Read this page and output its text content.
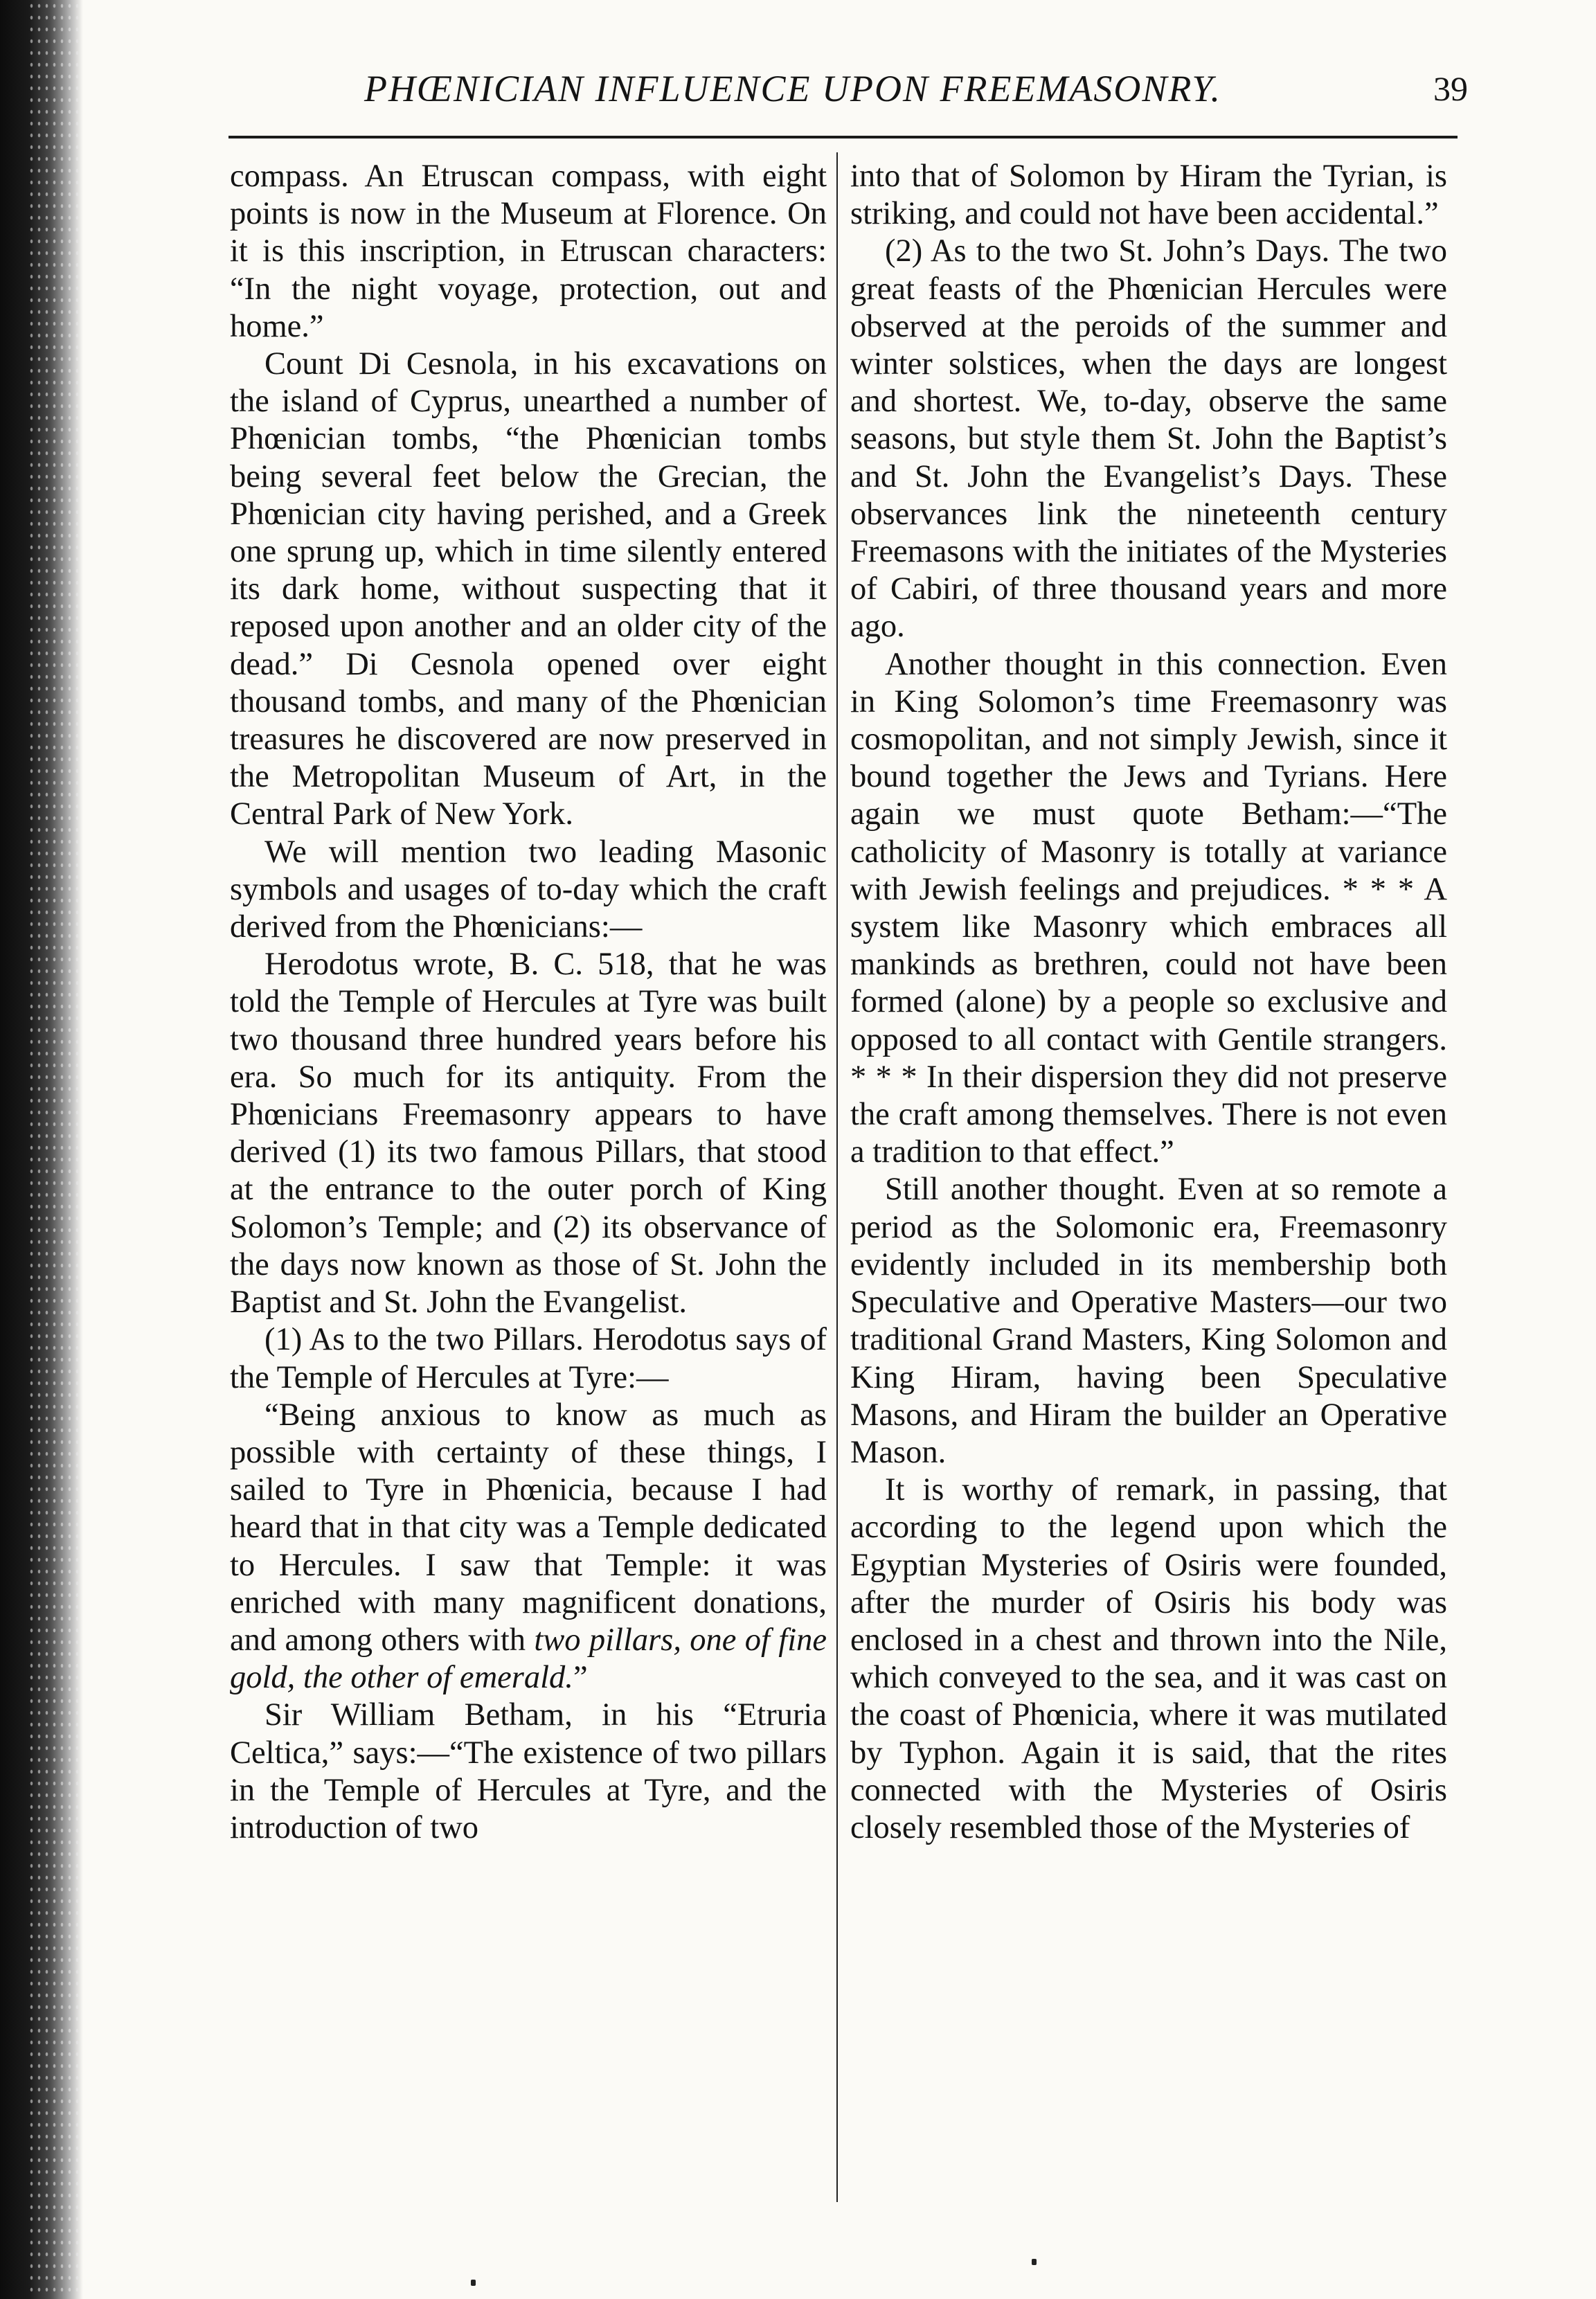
PHŒNICIAN INFLUENCE UPON FREEMASONRY.	39

compass. An Etruscan compass, with eight points is now in the Museum at Florence. On it is this inscription, in Etruscan characters: “In the night voyage, protection, out and home.”

Count Di Cesnola, in his excavations on the island of Cyprus, unearthed a number of Phœnician tombs, “the Phœnician tombs being several feet below the Grecian, the Phœnician city having perished, and a Greek one sprung up, which in time silently entered its dark home, without suspecting that it reposed upon another and an older city of the dead.” Di Cesnola opened over eight thousand tombs, and many of the Phœnician treasures he discovered are now preserved in the Metropolitan Museum of Art, in the Central Park of New York.

We will mention two leading Masonic symbols and usages of to-day which the craft derived from the Phœnicians:—

Herodotus wrote, B. C. 518, that he was told the Temple of Hercules at Tyre was built two thousand three hundred years before his era. So much for its antiquity. From the Phœnicians Freemasonry appears to have derived (1) its two famous Pillars, that stood at the entrance to the outer porch of King Solomon’s Temple; and (2) its observance of the days now known as those of St. John the Baptist and St. John the Evangelist.

(1) As to the two Pillars. Herodotus says of the Temple of Hercules at Tyre:—

“Being anxious to know as much as possible with certainty of these things, I sailed to Tyre in Phœnicia, because I had heard that in that city was a Temple dedicated to Hercules. I saw that Temple: it was enriched with many magnificent donations, and among others with two pillars, one of fine gold, the other of emerald.”

Sir William Betham, in his “Etruria Celtica,” says:—“The existence of two pillars in the Temple of Hercules at Tyre, and the introduction of two

into that of Solomon by Hiram the Tyrian, is striking, and could not have been accidental.”

(2) As to the two St. John’s Days. The two great feasts of the Phœnician Hercules were observed at the peroids of the summer and winter solstices, when the days are longest and shortest. We, to-day, observe the same seasons, but style them St. John the Baptist’s and St. John the Evangelist’s Days. These observances link the nineteenth century Freemasons with the initiates of the Mysteries of Cabiri, of three thousand years and more ago.

Another thought in this connection. Even in King Solomon’s time Freemasonry was cosmopolitan, and not simply Jewish, since it bound together the Jews and Tyrians. Here again we must quote Betham:—“The catholicity of Masonry is totally at variance with Jewish feelings and prejudices. * * * A system like Masonry which embraces all mankinds as brethren, could not have been formed (alone) by a people so exclusive and opposed to all contact with Gentile strangers. * * * In their dispersion they did not preserve the craft among themselves. There is not even a tradition to that effect.”

Still another thought. Even at so remote a period as the Solomonic era, Freemasonry evidently included in its membership both Speculative and Operative Masters—our two traditional Grand Masters, King Solomon and King Hiram, having been Speculative Masons, and Hiram the builder an Operative Mason.

It is worthy of remark, in passing, that according to the legend upon which the Egyptian Mysteries of Osiris were founded, after the murder of Osiris his body was enclosed in a chest and thrown into the Nile, which conveyed to the sea, and it was cast on the coast of Phœnicia, where it was mutilated by Typhon. Again it is said, that the rites connected with the Mysteries of Osiris closely resembled those of the Mysteries of
